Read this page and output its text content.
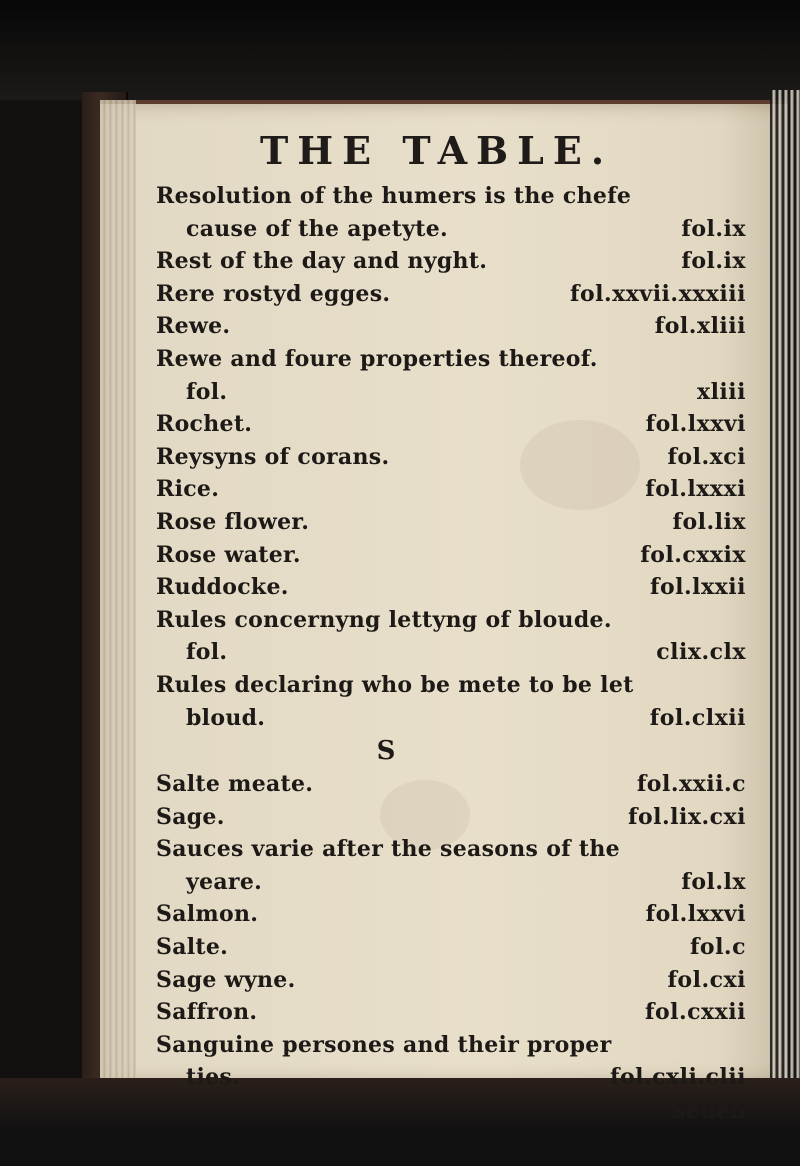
THE TABLE.
Resolution of the humers is the chefe
cause of the apetyte.	fol.ix
Rest of the day and nyght.	fol.ix
Rere rostyd egges.	fol.xxvii.xxxiii
Rewe.	fol.xliii
Rewe and foure properties thereof.
fol.	xliii
Rochet.	fol.lxxvi
Reysyns of corans.	fol.xci
Rice.	fol.lxxxi
Rose flower.	fol.lix
Rose water.	fol.cxxix
Ruddocke.	fol.lxxii
Rules concernyng lettyng of bloude.
fol.	clix.clx
Rules declaring who be mete to be let
bloud.	fol.clxii
S
Salte meate.	fol.xxii.c
Sage.	fol.lix.cxi
Sauces varie after the seasons of the
yeare.	fol.lx
Salmon.	fol.lxxvi
Salte.	fol.c
Sage wyne.	fol.cxi
Saffron.	fol.cxxii
Sanguine persones and their proper
ties.	fol.cxli.clii
Seuen
